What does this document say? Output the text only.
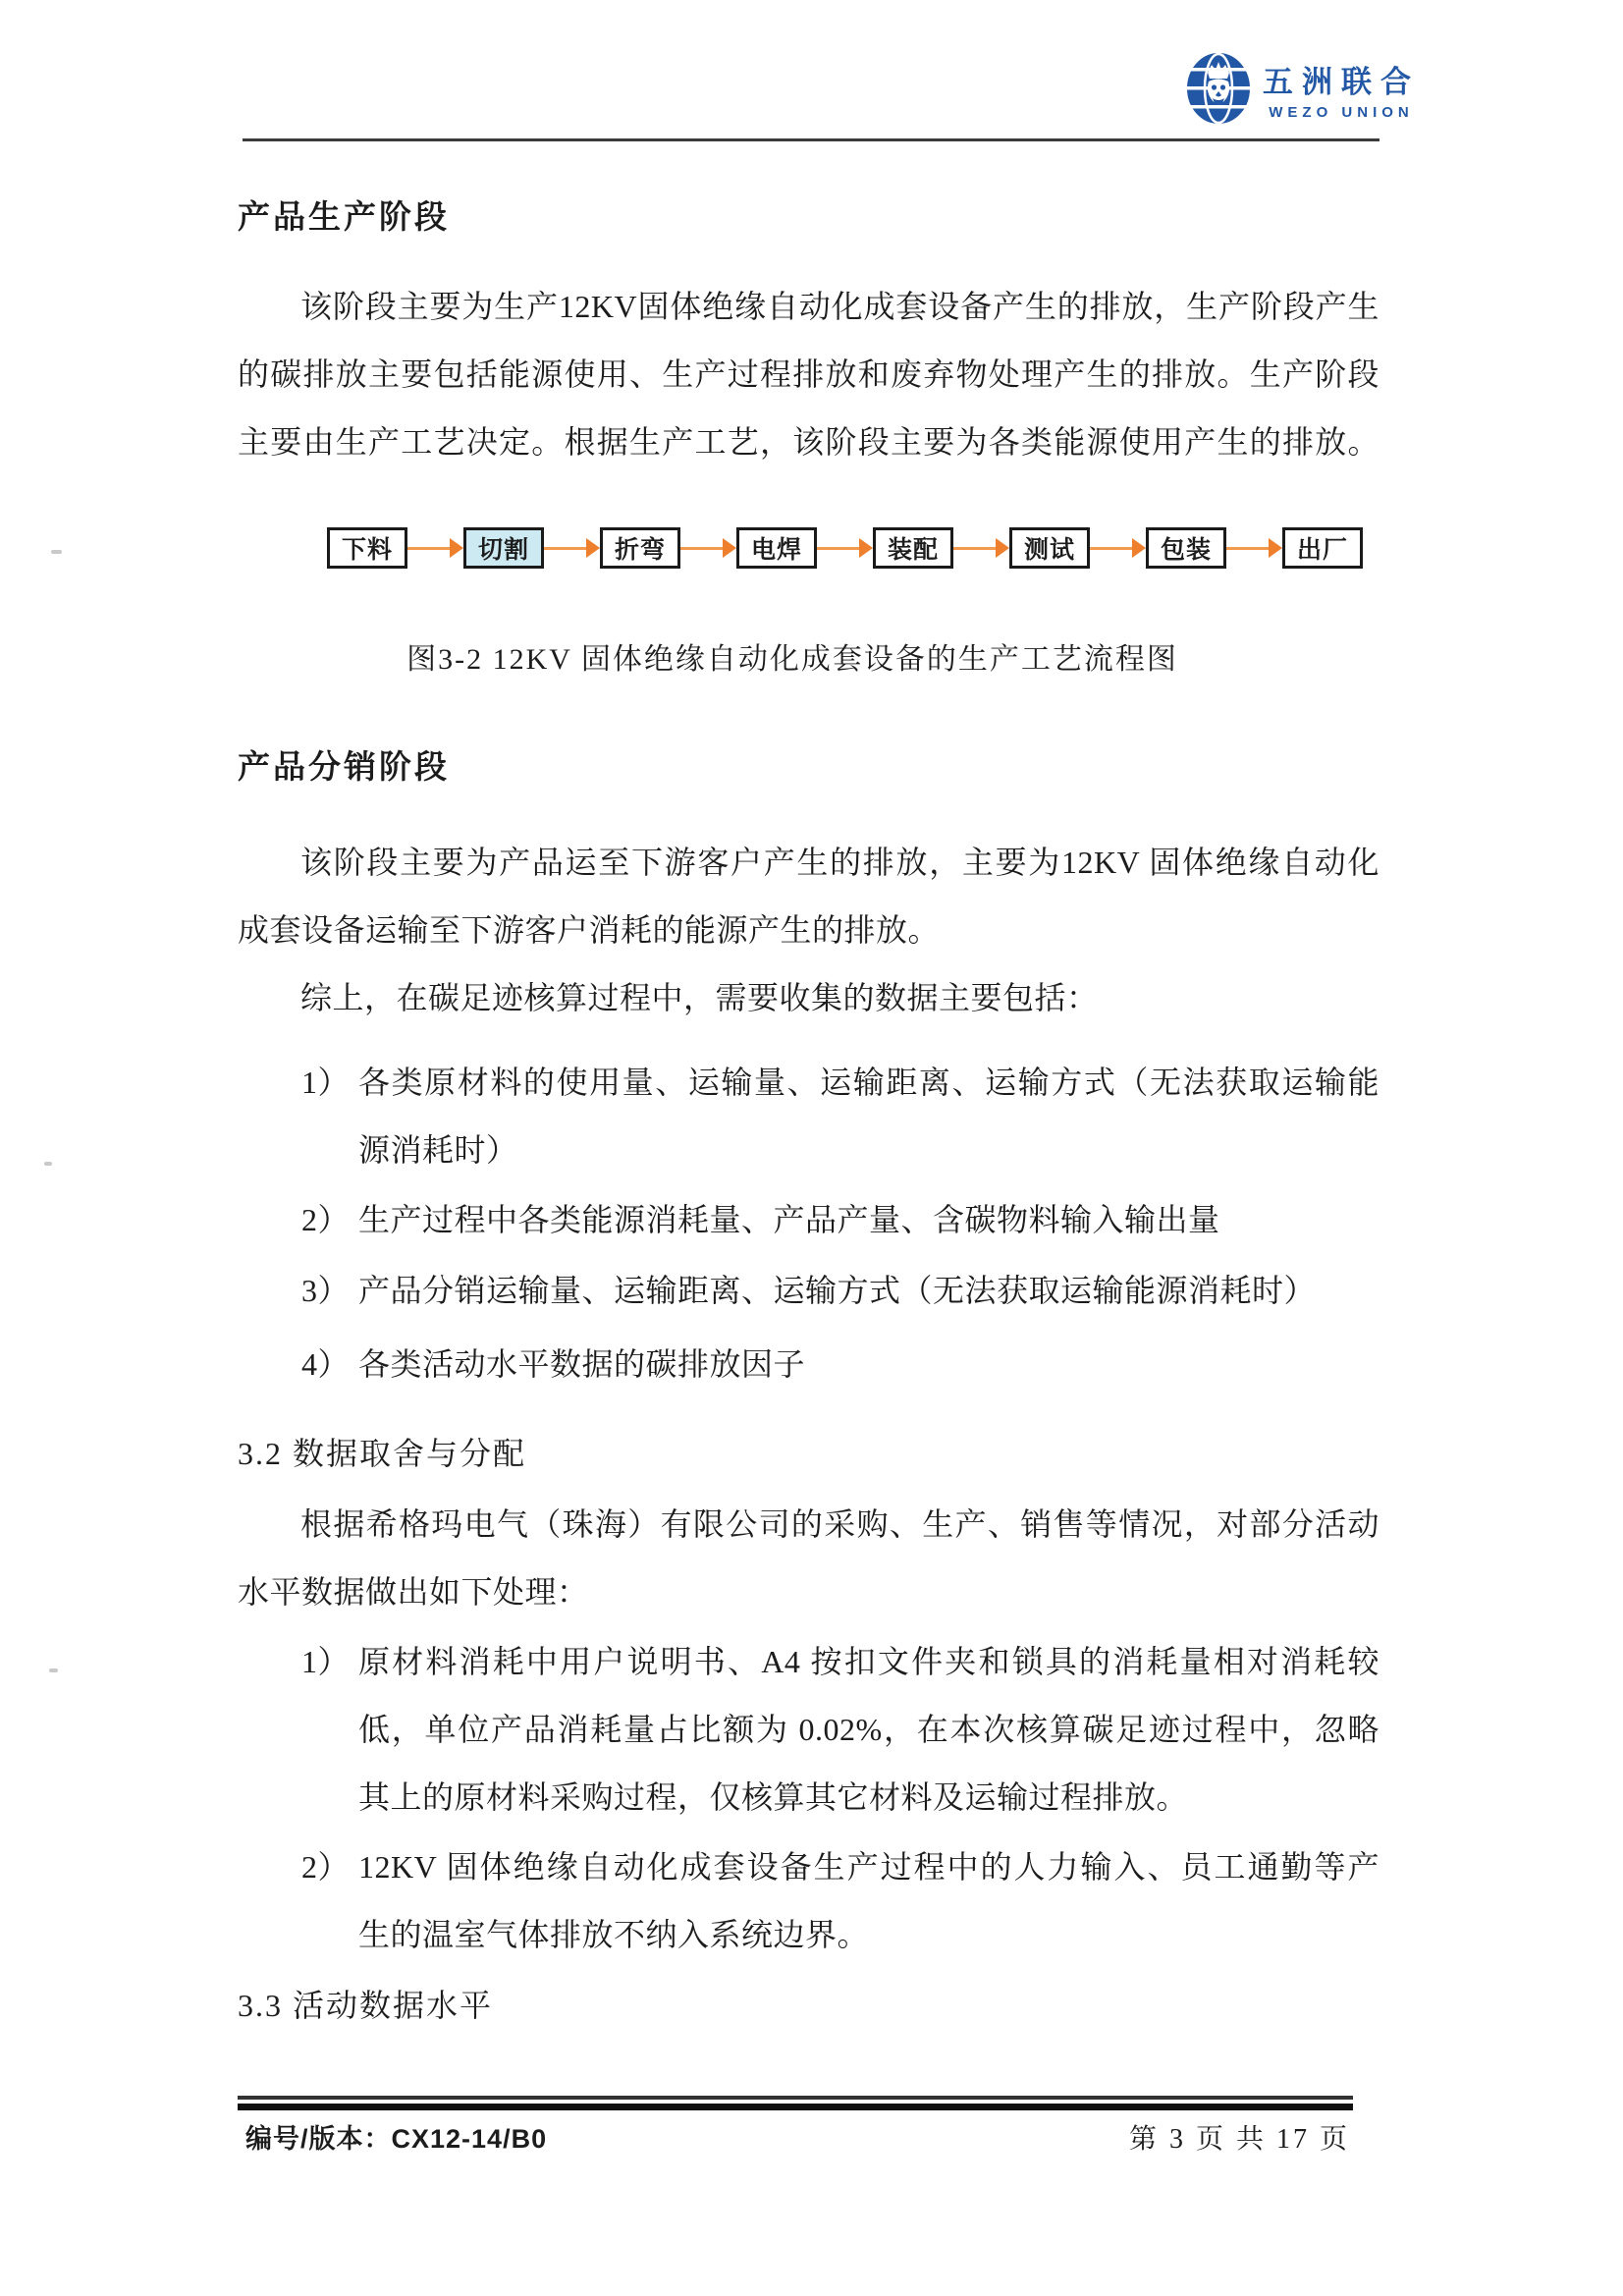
五洲联合
WEZO UNION
产品生产阶段
该阶段主要为生产12KV固体绝缘自动化成套设备产生的排放，生产阶段产生
的碳排放主要包括能源使用、生产过程排放和废弃物处理产生的排放。生产阶段
主要由生产工艺决定。根据生产工艺，该阶段主要为各类能源使用产生的排放。
下料	切割	折弯	电焊	装配	测试	包装	出厂
图3-2 12KV 固体绝缘自动化成套设备的生产工艺流程图
产品分销阶段
该阶段主要为产品运至下游客户产生的排放，主要为12KV 固体绝缘自动化
成套设备运输至下游客户消耗的能源产生的排放。
综上，在碳足迹核算过程中，需要收集的数据主要包括：
1） 各类原材料的使用量、运输量、运输距离、运输方式（无法获取运输能
源消耗时）
2） 生产过程中各类能源消耗量、产品产量、含碳物料输入输出量
3） 产品分销运输量、运输距离、运输方式（无法获取运输能源消耗时）
4） 各类活动水平数据的碳排放因子
3.2 数据取舍与分配
根据希格玛电气（珠海）有限公司的采购、生产、销售等情况，对部分活动
水平数据做出如下处理：
1） 原材料消耗中用户说明书、A4 按扣文件夹和锁具的消耗量相对消耗较
低，单位产品消耗量占比额为 0.02%，在本次核算碳足迹过程中，忽略
其上的原材料采购过程，仅核算其它材料及运输过程排放。
2） 12KV 固体绝缘自动化成套设备生产过程中的人力输入、员工通勤等产
生的温室气体排放不纳入系统边界。
3.3 活动数据水平
编号/版本：CX12-14/B0	第 3 页 共 17 页
